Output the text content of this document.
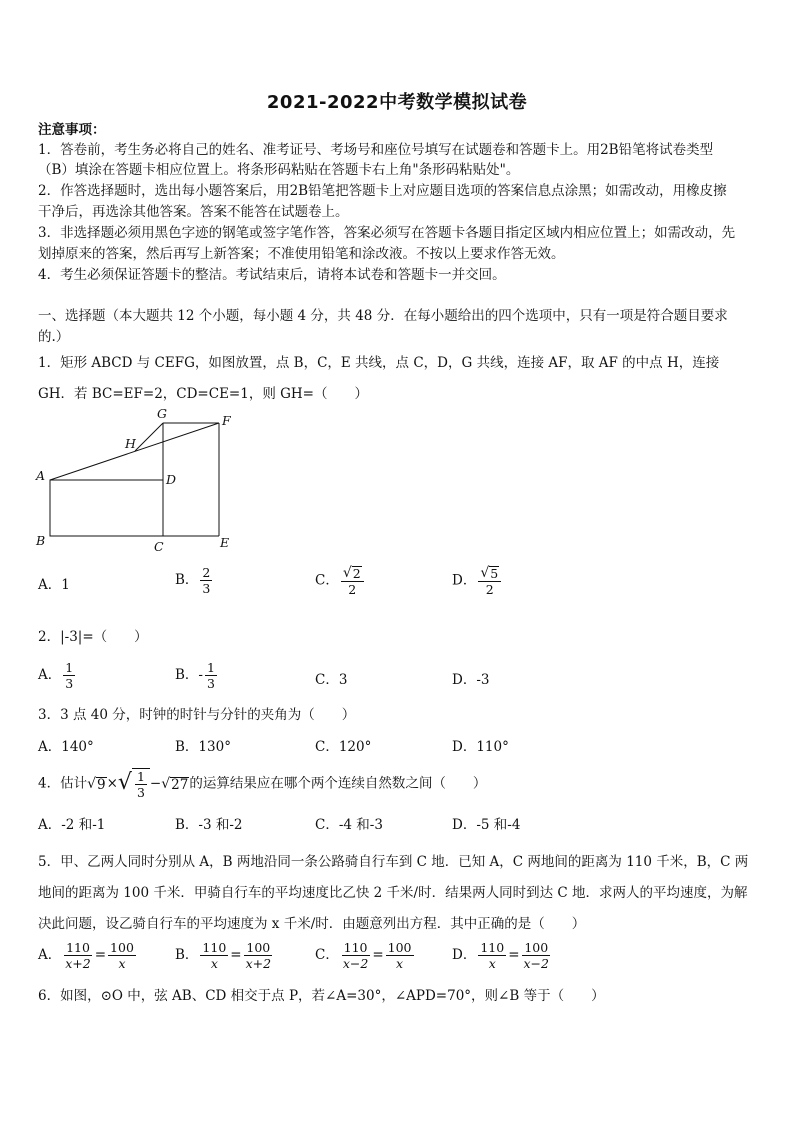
2021-2022中考数学模拟试卷
注意事项：
1．答卷前，考生务必将自己的姓名、准考证号、考场号和座位号填写在试题卷和答题卡上。用2B铅笔将试卷类型
（B）填涂在答题卡相应位置上。将条形码粘贴在答题卡右上角"条形码粘贴处"。
2．作答选择题时，选出每小题答案后，用2B铅笔把答题卡上对应题目选项的答案信息点涂黑；如需改动，用橡皮擦
干净后，再选涂其他答案。答案不能答在试题卷上。
3．非选择题必须用黑色字迹的钢笔或签字笔作答，答案必须写在答题卡各题目指定区域内相应位置上；如需改动，先
划掉原来的答案，然后再写上新答案；不准使用铅笔和涂改液。不按以上要求作答无效。
4．考生必须保证答题卡的整洁。考试结束后，请将本试卷和答题卡一并交回。
一、选择题（本大题共 12 个小题，每小题 4 分，共 48 分．在每小题给出的四个选项中，只有一项是符合题目要求
的.）
1．矩形 ABCD 与 CEFG，如图放置，点 B，C，E 共线，点 C，D，G 共线，连接 AF，取 AF 的中点 H，连接
GH．若 BC=EF=2，CD=CE=1，则 GH=（　　）
A
B	C
D
E
F
G
H
A．1	B． $\frac{2}{3}$	C． $\frac{√ 2}{2}$	D． $\frac{√ 5}{2}$
2．|-3|=（　　）
A． $\frac{1}{3}$	B．- $\frac{1}{3}$	C．3	D．-3
3．3 点 40 分，时钟的时针与分针的夹角为（　　）
A．140°	B．130°	C．120°	D．110°
4．估计 √ 9 × √ $\frac{1}{3}$ − √ 27 的运算结果应在哪个两个连续自然数之间（　　）
A．-2 和-1	B．-3 和-2	C．-4 和-3	D．-5 和-4
5．甲、乙两人同时分别从 A，B 两地沿同一条公路骑自行车到 C 地．已知 A，C 两地间的距离为 110 千米，B，C 两
地间的距离为 100 千米．甲骑自行车的平均速度比乙快 2 千米/时．结果两人同时到达 C 地．求两人的平均速度，为解
决此问题，设乙骑自行车的平均速度为 x 千米/时．由题意列出方程．其中正确的是（　　）
A． $\frac{110}{x+2} = \frac{100}{x}$	B． $\frac{110}{x} = \frac{100}{x+2}$	C． $\frac{110}{x-2} = \frac{100}{x}$	D． $\frac{110}{x} = \frac{100}{x-2}$
6．如图，⊙O 中，弦 AB、CD 相交于点 P，若∠A=30°，∠APD=70°，则∠B 等于（　　）
